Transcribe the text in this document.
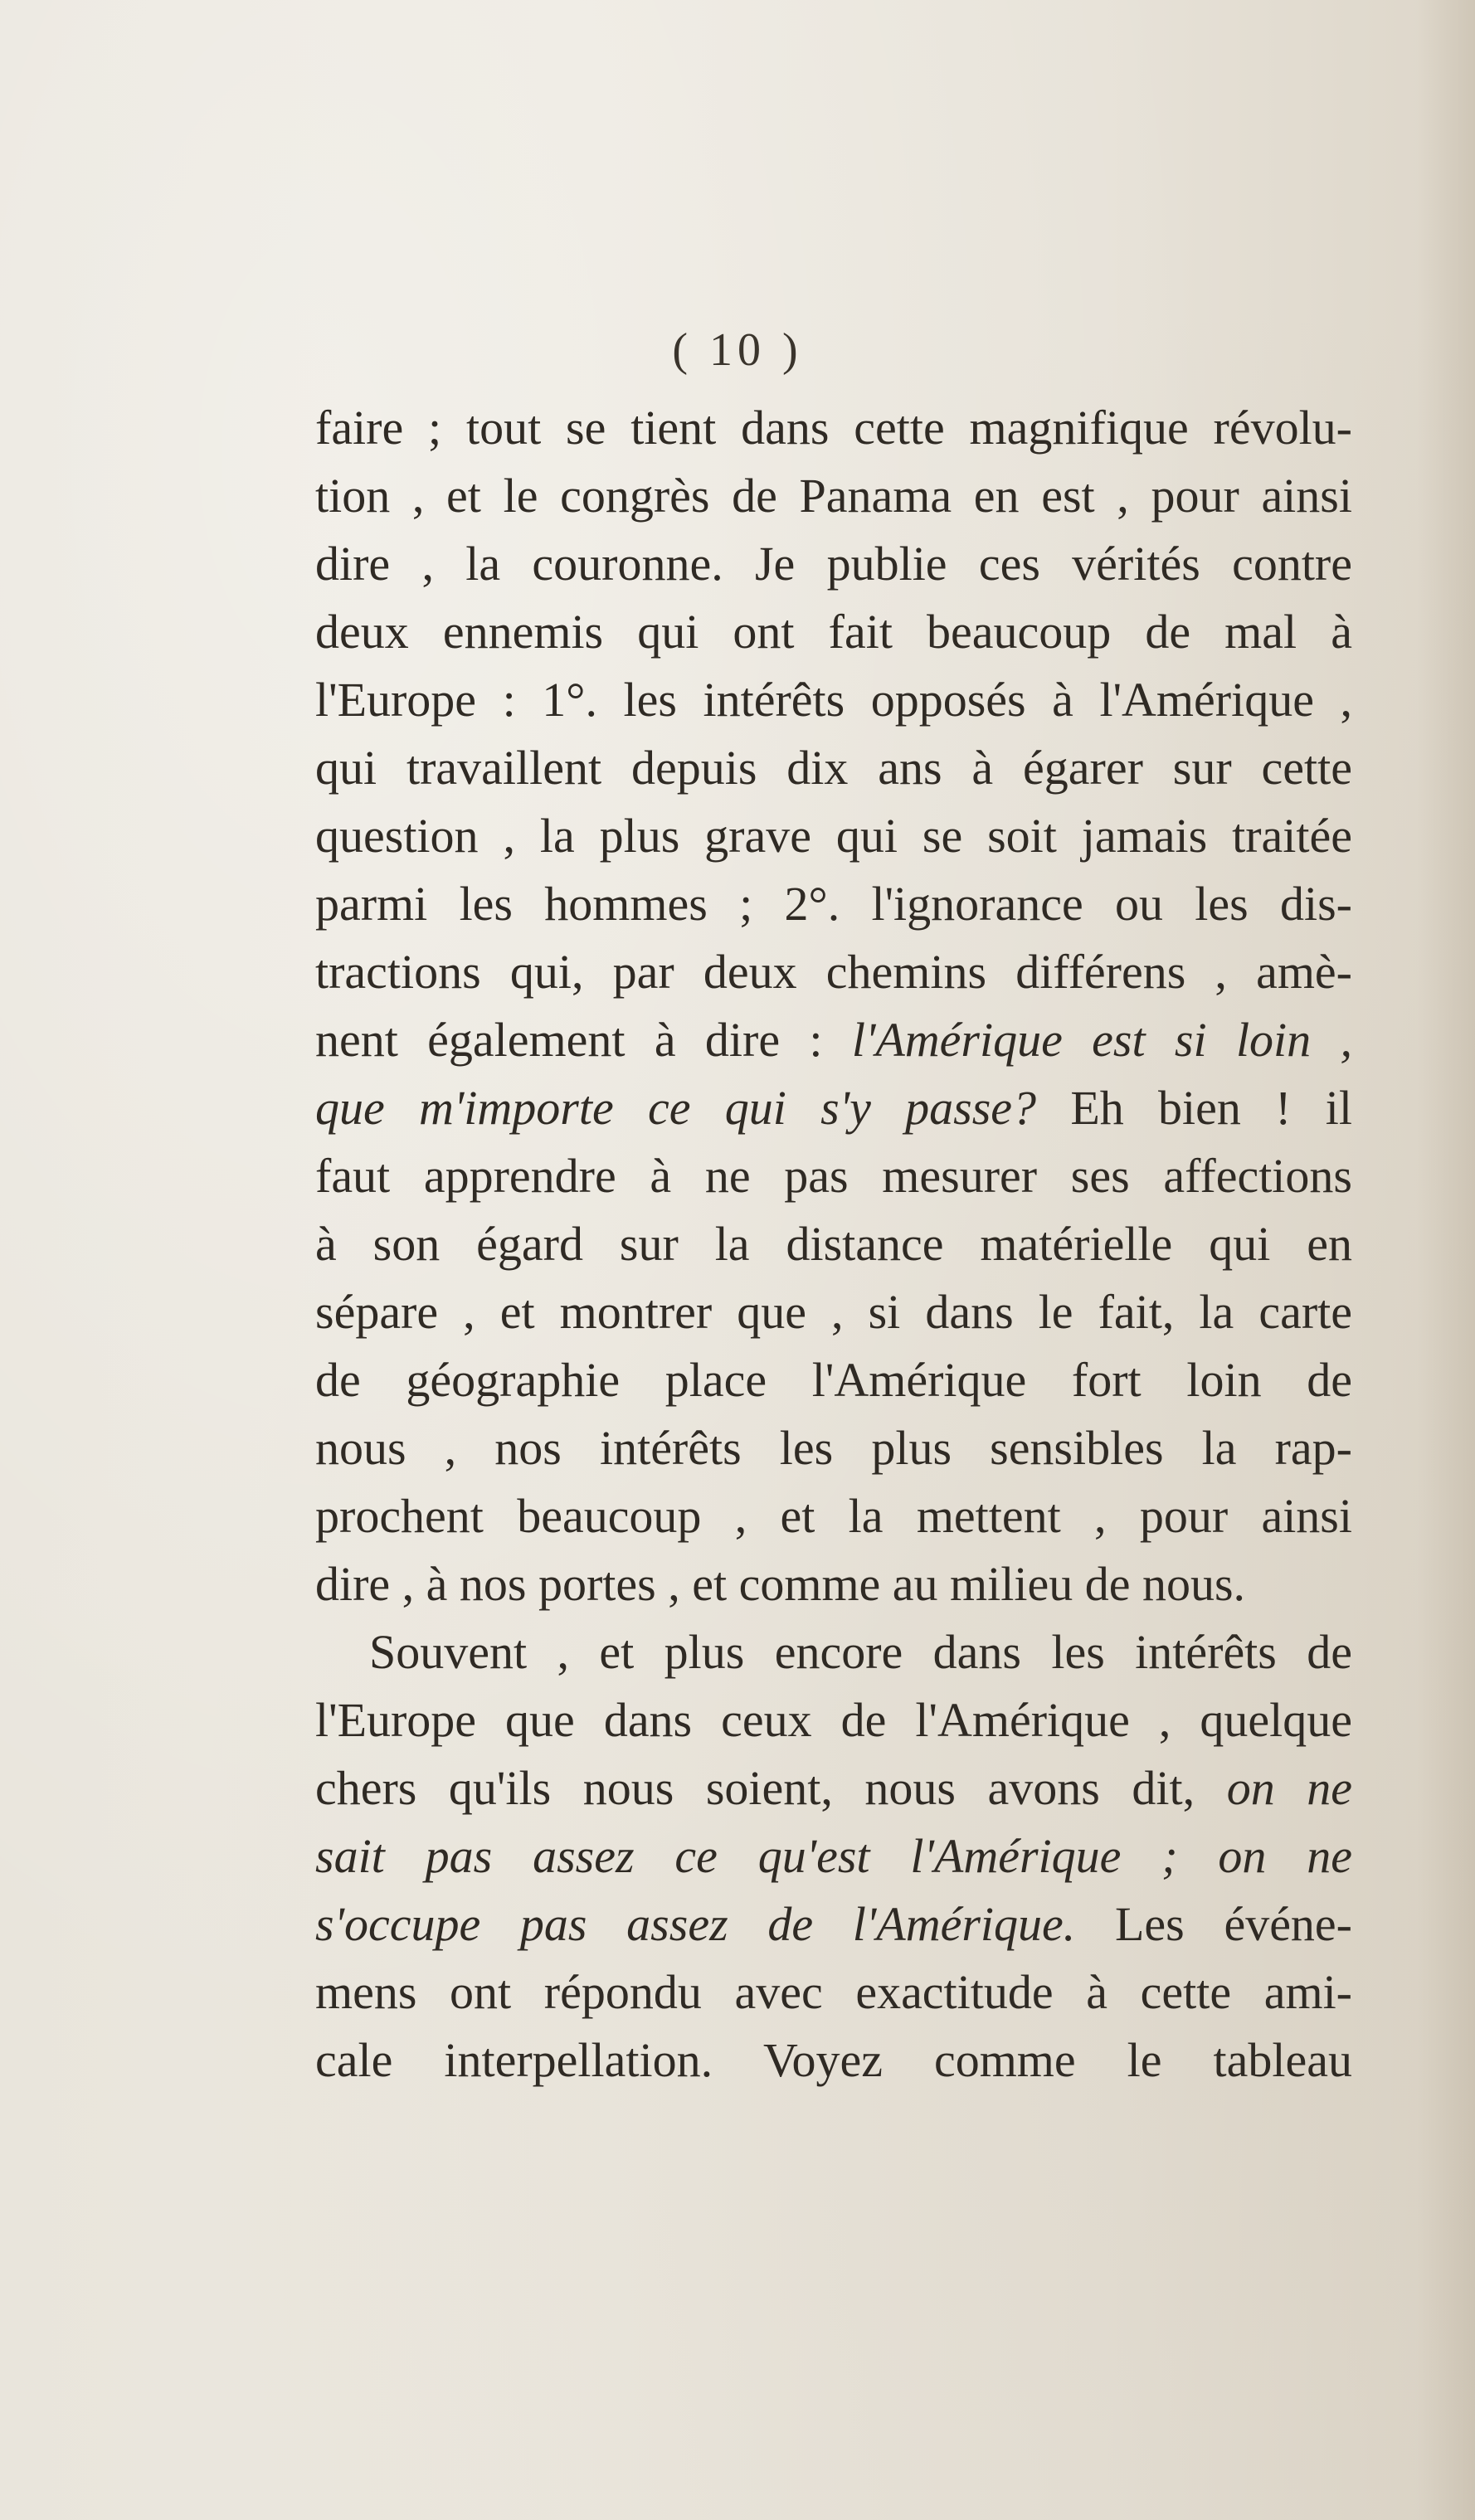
( 10 )
faire ; tout se tient dans cette magnifique révolu-
tion , et le congrès de Panama en est , pour ainsi
dire , la couronne. Je publie ces vérités contre
deux ennemis qui ont fait beaucoup de mal à
l'Europe : 1°. les intérêts opposés à l'Amérique ,
qui travaillent depuis dix ans à égarer sur cette
question , la plus grave qui se soit jamais traitée
parmi les hommes ; 2°. l'ignorance ou les dis-
tractions qui, par deux chemins différens , amè-
nent également à dire : l'Amérique est si loin ,
que m'importe ce qui s'y passe? Eh bien ! il
faut apprendre à ne pas mesurer ses affections
à son égard sur la distance matérielle qui en
sépare , et montrer que , si dans le fait, la carte
de géographie place l'Amérique fort loin de
nous , nos intérêts les plus sensibles la rap-
prochent beaucoup , et la mettent , pour ainsi
dire , à nos portes , et comme au milieu de nous.
Souvent , et plus encore dans les intérêts de
l'Europe que dans ceux de l'Amérique , quelque
chers qu'ils nous soient, nous avons dit, on ne
sait pas assez ce qu'est l'Amérique ; on ne
s'occupe pas assez de l'Amérique. Les événe-
mens ont répondu avec exactitude à cette ami-
cale interpellation. Voyez comme le tableau
